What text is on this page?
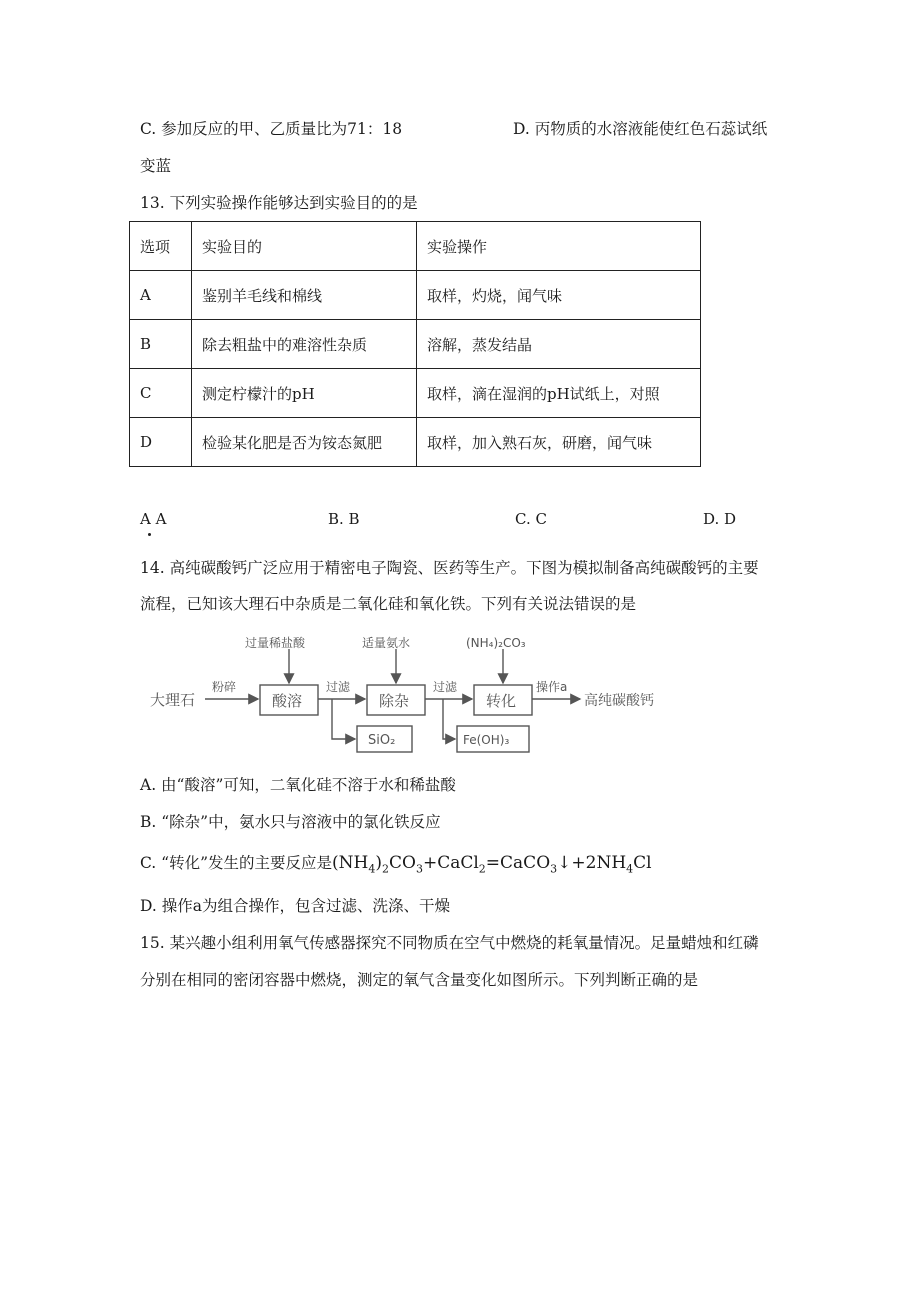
C. 参加反应的甲、乙质量比为71：18	D. 丙物质的水溶液能使红色石蕊试纸
变蓝
13. 下列实验操作能够达到实验目的的是
选项	实验目的	实验操作
A	鉴别羊毛线和棉线	取样，灼烧，闻气味
B	除去粗盐中的难溶性杂质	溶解，蒸发结晶
C	测定柠檬汁的pH	取样，滴在湿润的pH试纸上，对照
D	检验某化肥是否为铵态氮肥	取样，加入熟石灰，研磨，闻气味
A A	B. B	C. C	D. D
14. 高纯碳酸钙广泛应用于精密电子陶瓷、医药等生产。下图为模拟制备高纯碳酸钙的主要
流程，已知该大理石中杂质是二氧化硅和氧化铁。下列有关说法错误的是
大理石
粉碎
酸溶
过量稀盐酸
过滤
SiO₂
除杂
适量氨水
过滤
Fe(OH)₃
转化
(NH₄)₂CO₃
操作a
高纯碳酸钙
A. 由“酸溶”可知，二氧化硅不溶于水和稀盐酸
B. “除杂”中，氨水只与溶液中的氯化铁反应
C. “转化”发生的主要反应是$(NH_4)_2CO_3+CaCl_2=CaCO_3↓+2NH_4Cl$
D. 操作a为组合操作，包含过滤、洗涤、干燥
15. 某兴趣小组利用氧气传感器探究不同物质在空气中燃烧的耗氧量情况。足量蜡烛和红磷
分别在相同的密闭容器中燃烧，测定的氧气含量变化如图所示。下列判断正确的是
